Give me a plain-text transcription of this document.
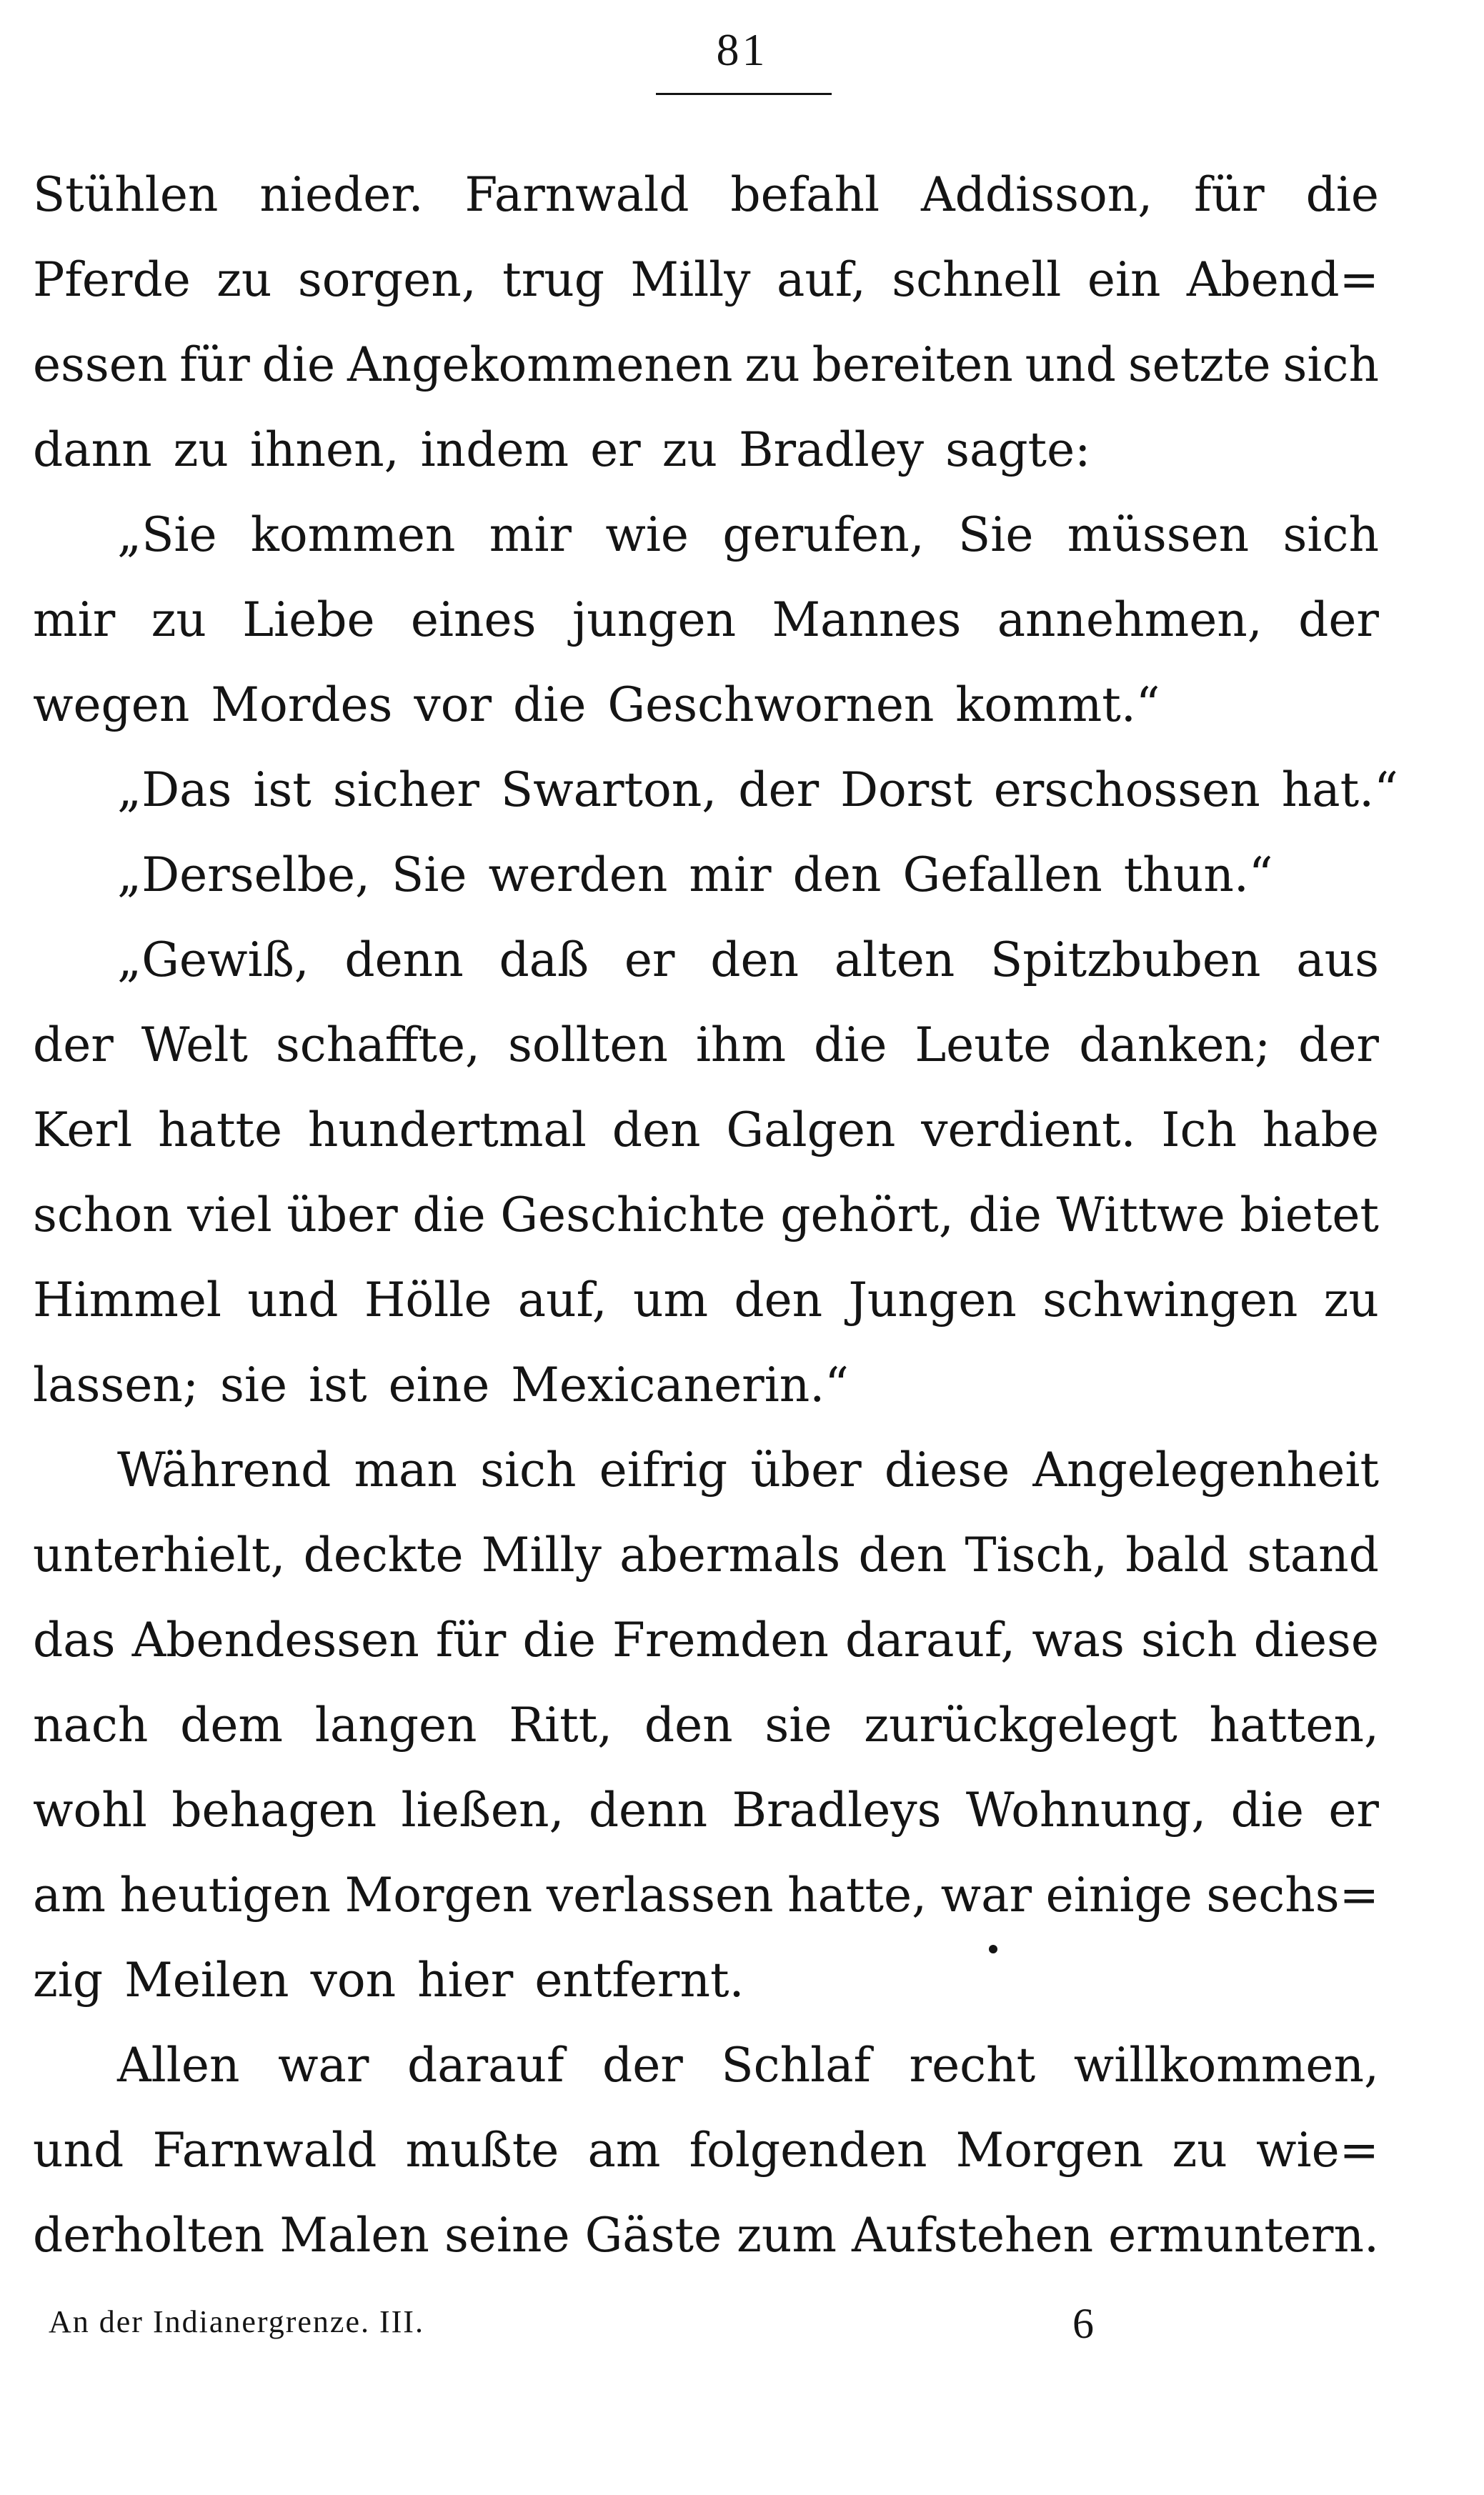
81
Stühlen nieder. Farnwald befahl Addisson, für die
Pferde zu sorgen, trug Milly auf, schnell ein Abend=
essen für die Angekommenen zu bereiten und setzte sich
dann zu ihnen, indem er zu Bradley sagte:
„Sie kommen mir wie gerufen, Sie müssen sich
mir zu Liebe eines jungen Mannes annehmen, der
wegen Mordes vor die Geschwornen kommt.“
„Das ist sicher Swarton, der Dorst erschossen hat.“
„Derselbe, Sie werden mir den Gefallen thun.“
„Gewiß, denn daß er den alten Spitzbuben aus
der Welt schaffte, sollten ihm die Leute danken; der
Kerl hatte hundertmal den Galgen verdient. Ich habe
schon viel über die Geschichte gehört, die Wittwe bietet
Himmel und Hölle auf, um den Jungen schwingen zu
lassen; sie ist eine Mexicanerin.“
Während man sich eifrig über diese Angelegenheit
unterhielt, deckte Milly abermals den Tisch, bald stand
das Abendessen für die Fremden darauf, was sich diese
nach dem langen Ritt, den sie zurückgelegt hatten,
wohl behagen ließen, denn Bradleys Wohnung, die er
am heutigen Morgen verlassen hatte, war einige sechs=
zig Meilen von hier entfernt.
Allen war darauf der Schlaf recht willkommen,
und Farnwald mußte am folgenden Morgen zu wie=
derholten Malen seine Gäste zum Aufstehen ermuntern.
An der Indianergrenze. III.	6
